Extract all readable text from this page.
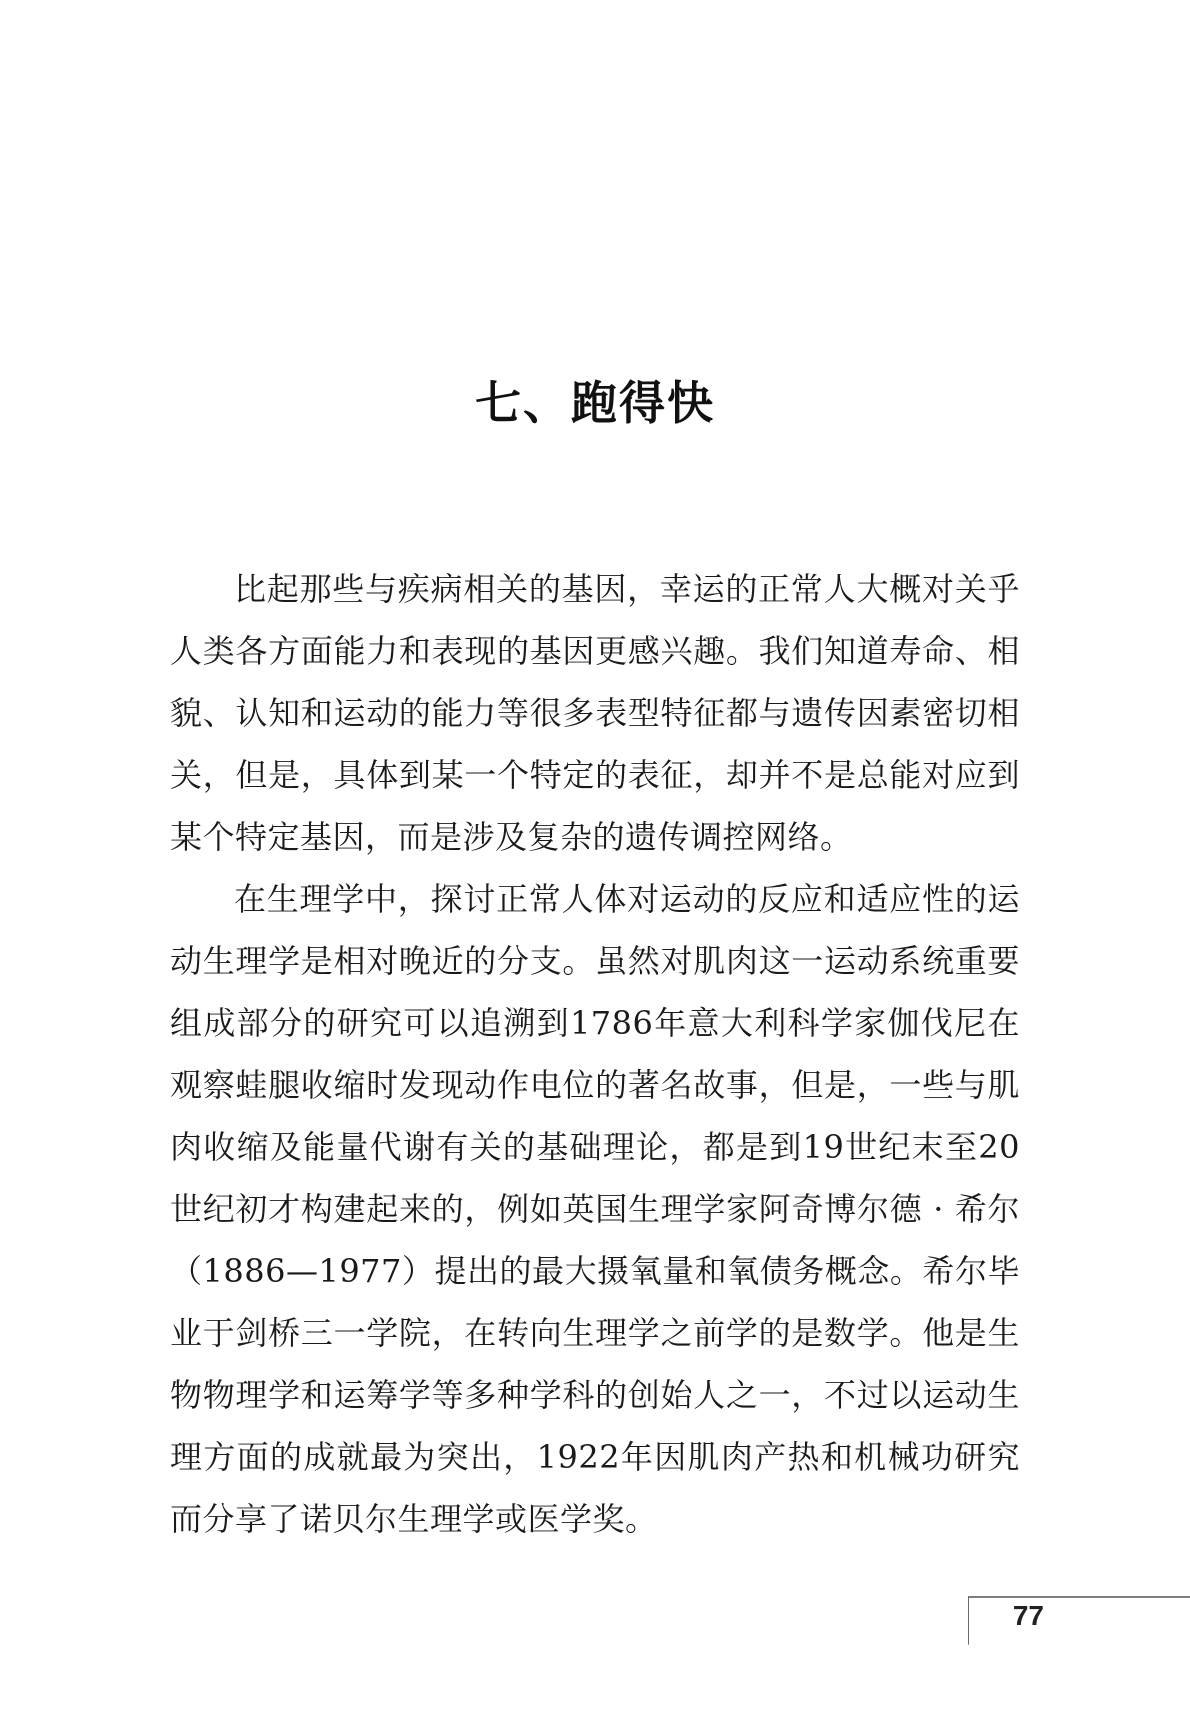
七、跑得快

比起那些与疾病相关的基因，幸运的正常人大概对关乎人类各方面能力和表现的基因更感兴趣。我们知道寿命、相貌、认知和运动的能力等很多表型特征都与遗传因素密切相关，但是，具体到某一个特定的表征，却并不是总能对应到某个特定基因，而是涉及复杂的遗传调控网络。

在生理学中，探讨正常人体对运动的反应和适应性的运动生理学是相对晚近的分支。虽然对肌肉这一运动系统重要组成部分的研究可以追溯到1786年意大利科学家伽伐尼在观察蛙腿收缩时发现动作电位的著名故事，但是，一些与肌肉收缩及能量代谢有关的基础理论，都是到19世纪末至20世纪初才构建起来的，例如英国生理学家阿奇博尔德 · 希尔（1886—1977）提出的最大摄氧量和氧债务概念。希尔毕业于剑桥三一学院，在转向生理学之前学的是数学。他是生物物理学和运筹学等多种学科的创始人之一，不过以运动生理方面的成就最为突出，1922年因肌肉产热和机械功研究而分享了诺贝尔生理学或医学奖。

77
